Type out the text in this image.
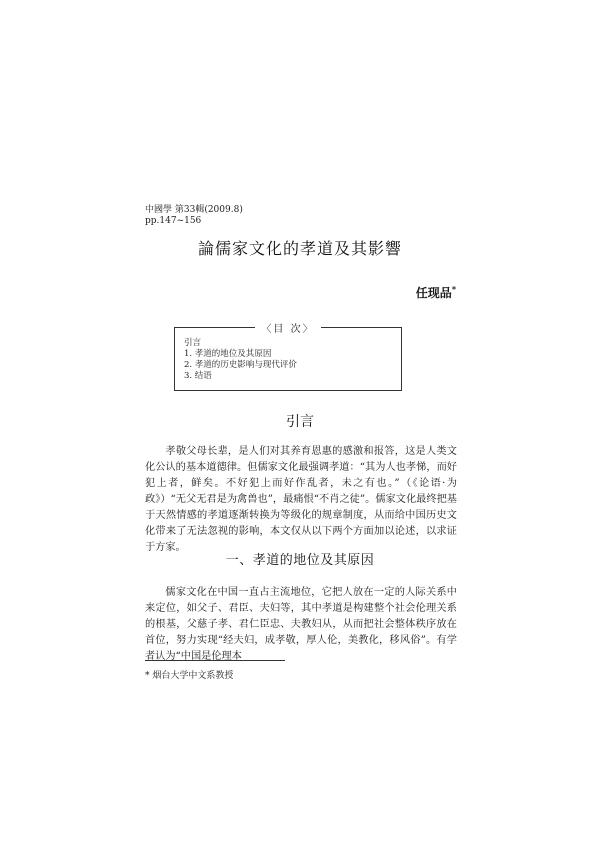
中國學 第33輯(2009.8)
pp.147~156
論儒家文化的孝道及其影響
任现品*
〈目 次〉
引言
1. 孝道的地位及其原因
2. 孝道的历史影响与现代评价
3. 结语
引言
孝敬父母长辈，是人们对其养育恩惠的感激和报答，这是人类文化公认的基本道德律。但儒家文化最强调孝道：“其为人也孝悌，而好犯上者，鲜矣。不好犯上而好作乱者，未之有也。”（《论语·为政》）“无父无君是为禽兽也”，最痛恨“不肖之徒”。儒家文化最终把基于天然情感的孝道逐渐转换为等级化的规章制度，从而给中国历史文化带来了无法忽视的影响，本文仅从以下两个方面加以论述，以求证于方家。
一、孝道的地位及其原因
儒家文化在中国一直占主流地位，它把人放在一定的人际关系中来定位，如父子、君臣、夫妇等，其中孝道是构建整个社会伦理关系的根基，父慈子孝、君仁臣忠、夫教妇从，从而把社会整体秩序放在首位，努力实现“经夫妇，成孝敬，厚人伦，美教化，移风俗”。有学者认为“中国是伦理本
* 烟台大学中文系教授
